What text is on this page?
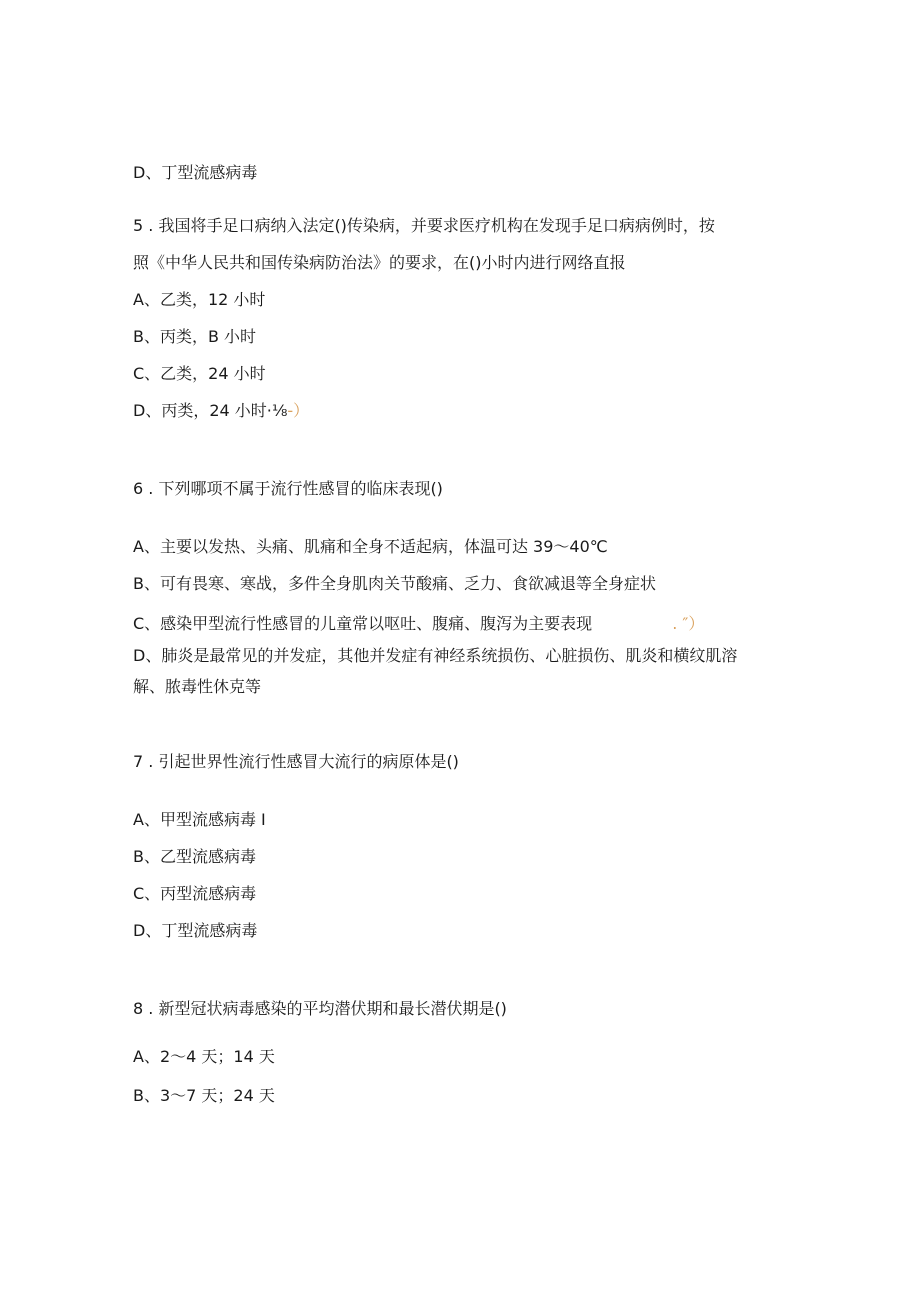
D、丁型流感病毒
5 . 我国将手足口病纳入法定()传染病，并要求医疗机构在发现手足口病病例时，按
照《中华人民共和国传染病防治法》的要求，在()小时内进行网络直报
A、乙类，12 小时
B、丙类，B 小时
C、乙类，24 小时
D、丙类，24 小时·⅛-）
6 . 下列哪项不属于流行性感冒的临床表现()
A、主要以发热、头痛、肌痛和全身不适起病，体温可达 39～40℃
B、可有畏寒、寒战，多件全身肌肉关节酸痛、乏力、食欲减退等全身症状
C、感染甲型流行性感冒的儿童常以呕吐、腹痛、腹泻为主要表现	. ″）
D、肺炎是最常见的并发症，其他并发症有神经系统损伤、心脏损伤、肌炎和横纹肌溶
解、脓毒性休克等
7 . 引起世界性流行性感冒大流行的病原体是()
A、甲型流感病毒 I
B、乙型流感病毒
C、丙型流感病毒
D、丁型流感病毒
8 . 新型冠状病毒感染的平均潜伏期和最长潜伏期是()
A、2～4 天；14 天
B、3～7 天；24 天
